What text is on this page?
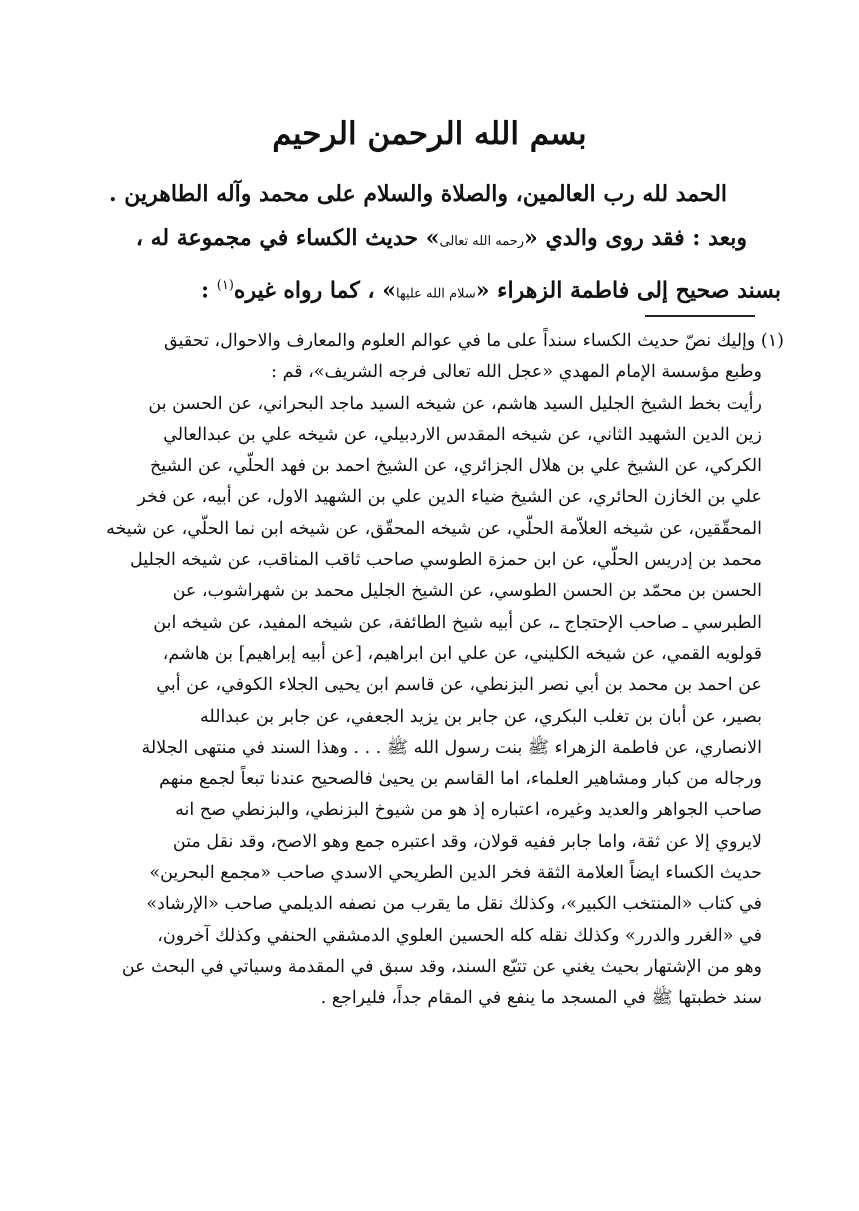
بسم الله الرحمن الرحيم

الحمد لله رب العالمين، والصلاة والسلام على محمد وآله الطاهرين .

وبعد : فقد روى والدي «رحمه الله تعالى» حديث الكساء في مجموعة له ،

بسند صحيح إلى فاطمة الزهراء «سلام الله عليها» ، كما رواه غيره$^{(١)}$ :

(١) وإليك نصّ حديث الكساء سنداً على ما في عوالم العلوم والمعارف والاحوال، تحقيق

وطبع مؤسسة الإمام المهدي «عجل الله تعالى فرجه الشريف»، قم :

رأيت بخط الشيخ الجليل السيد هاشم، عن شيخه السيد ماجد البحراني، عن الحسن بن

زين الدين الشهيد الثاني، عن شيخه المقدس الاردبيلي، عن شيخه علي بن عبدالعالي

الكركي، عن الشيخ علي بن هلال الجزائري، عن الشيخ احمد بن فهد الحلّي، عن الشيخ

علي بن الخازن الحائري، عن الشيخ ضياء الدين علي بن الشهيد الاول، عن أبيه، عن فخر

المحقّقين، عن شيخه العلاّمة الحلّي، عن شيخه المحقّق، عن شيخه ابن نما الحلّي، عن شيخه

محمد بن إدريس الحلّي، عن ابن حمزة الطوسي صاحب ثاقب المناقب، عن شيخه الجليل

الحسن بن محمّد بن الحسن الطوسي، عن الشيخ الجليل محمد بن شهراشوب، عن

الطبرسي ـ صاحب الإحتجاج ـ، عن أبيه شيخ الطائفة، عن شيخه المفيد، عن شيخه ابن

قولويه القمي، عن شيخه الكليني، عن علي ابن ابراهيم، [عن أبيه إبراهيم] بن هاشم،

عن احمد بن محمد بن أبي نصر البزنطي، عن قاسم ابن يحيى الجلاء الكوفي، عن أبي

بصير، عن أبان بن تغلب البكري، عن جابر بن يزيد الجعفي، عن جابر بن عبدالله

الانصاري، عن فاطمة الزهراء ﷺ بنت رسول الله ﷺ . . . وهذا السند في منتهى الجلالة

ورجاله من كبار ومشاهير العلماء، اما القاسم بن يحيىٰ فالصحيح عندنا تبعاً لجمع منهم

صاحب الجواهر والعديد وغيره، اعتباره إذ هو من شيوخ البزنطي، والبزنطي صح انه

لايروي إلا عن ثقة، واما جابر ففيه قولان، وقد اعتبره جمع وهو الاصح، وقد نقل متن

حديث الكساء ايضاً العلامة الثقة فخر الدين الطريحي الاسدي صاحب «مجمع البحرين»

في كتاب «المنتخب الكبير»، وكذلك نقل ما يقرب من نصفه الديلمي صاحب «الإرشاد»

في «الغرر والدرر» وكذلك نقله كله الحسين العلوي الدمشقي الحنفي وكذلك آخرون،

وهو من الإشتهار بحيث يغني عن تتبّع السند، وقد سبق في المقدمة وسياتي في البحث عن

سند خطبتها ﷺ في المسجد ما ينفع في المقام جداً، فليراجع .
